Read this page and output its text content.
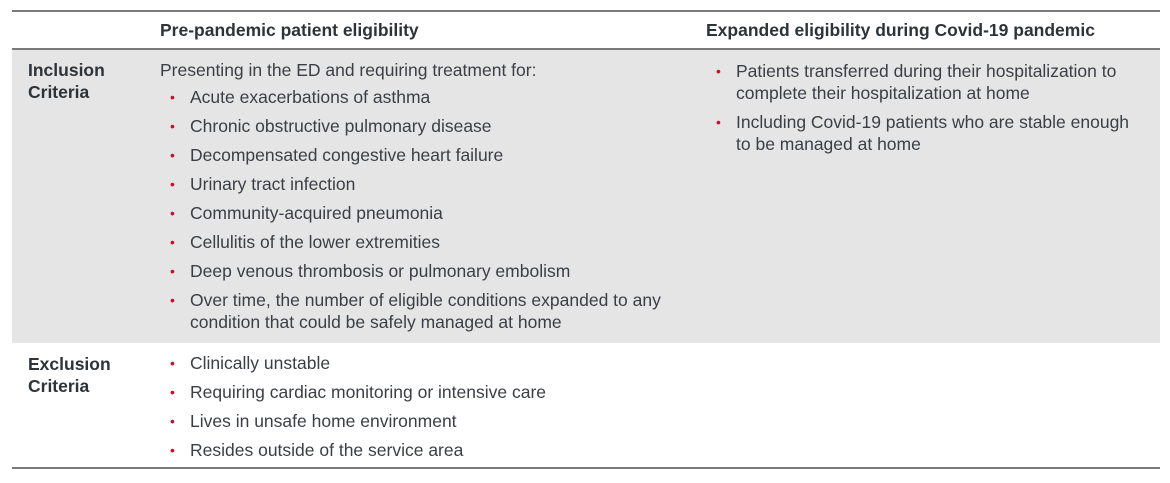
Pre-pandemic patient eligibility	Expanded eligibility during Covid-19 pandemic
Inclusion
Criteria
Presenting in the ED and requiring treatment for:
• Acute exacerbations of asthma
• Chronic obstructive pulmonary disease
• Decompensated congestive heart failure
• Urinary tract infection
• Community-acquired pneumonia
• Cellulitis of the lower extremities
• Deep venous thrombosis or pulmonary embolism
• Over time, the number of eligible conditions expanded to any condition that could be safely managed at home
• Patients transferred during their hospitalization to complete their hospitalization at home
• Including Covid-19 patients who are stable enough to be managed at home
Exclusion
Criteria
• Clinically unstable
• Requiring cardiac monitoring or intensive care
• Lives in unsafe home environment
• Resides outside of the service area
